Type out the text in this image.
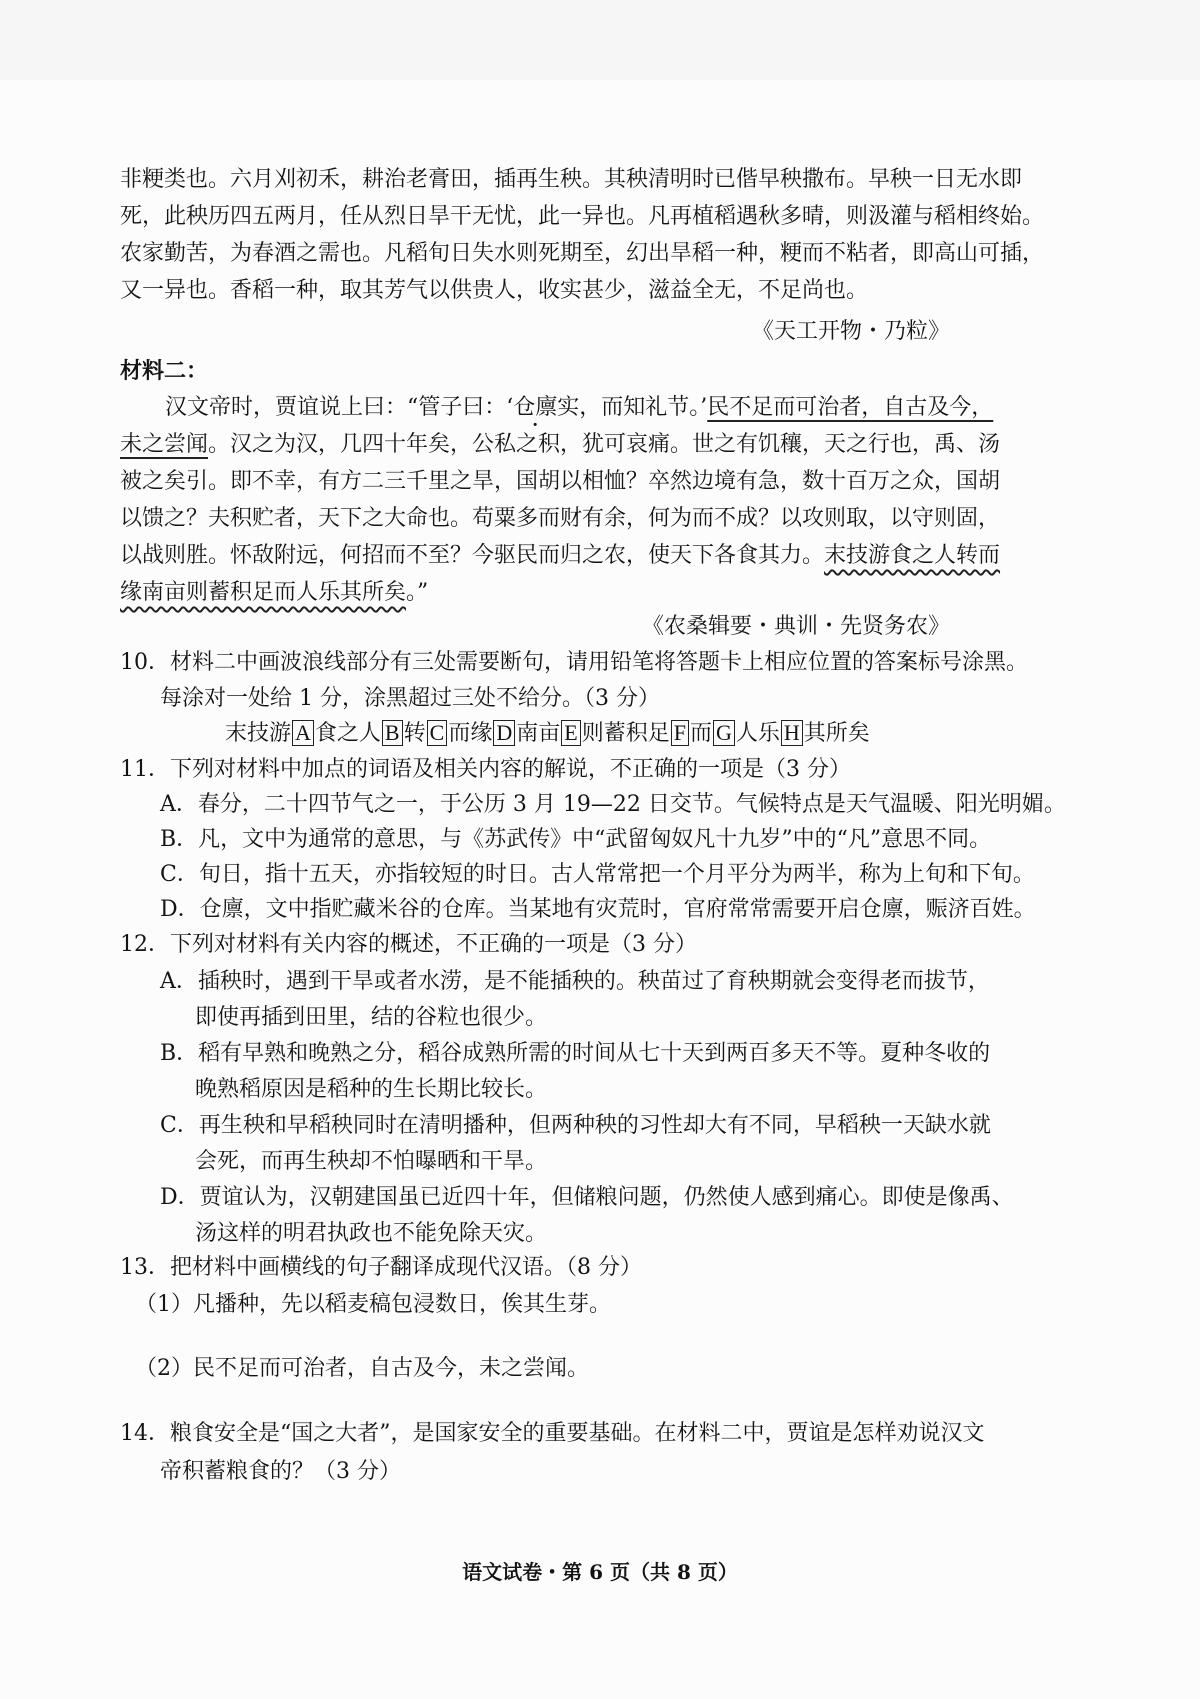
非粳类也。六月刈初禾，耕治老膏田，插再生秧。其秧清明时已偕早秧撒布。早秧一日无水即
死，此秧历四五两月，任从烈日旱干无忧，此一异也。凡再植稻遇秋多晴，则汲灌与稻相终始。
农家勤苦，为春酒之需也。凡稻旬日失水则死期至，幻出旱稻一种，粳而不粘者，即高山可插，
又一异也。香稻一种，取其芳气以供贵人，收实甚少，滋益全无，不足尚也。
《天工开物・乃粒》
材料二：
汉文帝时，贾谊说上曰：“管子曰：‘仓廪实，而知礼节。’民不足而可治者，自古及今，
未之尝闻。汉之为汉，几四十年矣，公私之积，犹可哀痛。世之有饥穰，天之行也，禹、汤
被之矣引。即不幸，有方二三千里之旱，国胡以相恤？卒然边境有急，数十百万之众，国胡
以馈之？夫积贮者，天下之大命也。苟粟多而财有余，何为而不成？以攻则取，以守则固，
以战则胜。怀敌附远，何招而不至？今驱民而归之农，使天下各食其力。末技游食之人转而
缘南亩则蓄积足而人乐其所矣。”
《农桑辑要・典训・先贤务农》
10．材料二中画波浪线部分有三处需要断句，请用铅笔将答题卡上相应位置的答案标号涂黑。
每涂对一处给 1 分，涂黑超过三处不给分。（3 分）
末技游 A 食之人 B 转 C 而缘 D 南亩 E 则蓄积足 F 而 G 人乐 H 其所矣
11．下列对材料中加点的词语及相关内容的解说，不正确的一项是（3 分）
A．春分，二十四节气之一，于公历 3 月 19—22 日交节。气候特点是天气温暖、阳光明媚。
B．凡，文中为通常的意思，与《苏武传》中“武留匈奴凡十九岁”中的“凡”意思不同。
C．旬日，指十五天，亦指较短的时日。古人常常把一个月平分为两半，称为上旬和下旬。
D．仓廪，文中指贮藏米谷的仓库。当某地有灾荒时，官府常常需要开启仓廪，赈济百姓。
12．下列对材料有关内容的概述，不正确的一项是（3 分）
A．插秧时，遇到干旱或者水涝，是不能插秧的。秧苗过了育秧期就会变得老而拔节，
即使再插到田里，结的谷粒也很少。
B．稻有早熟和晚熟之分，稻谷成熟所需的时间从七十天到两百多天不等。夏种冬收的
晚熟稻原因是稻种的生长期比较长。
C．再生秧和早稻秧同时在清明播种，但两种秧的习性却大有不同，早稻秧一天缺水就
会死，而再生秧却不怕曝晒和干旱。
D．贾谊认为，汉朝建国虽已近四十年，但储粮问题，仍然使人感到痛心。即使是像禹、
汤这样的明君执政也不能免除天灾。
13．把材料中画横线的句子翻译成现代汉语。（8 分）
（1）凡播种，先以稻麦稿包浸数日，俟其生芽。
（2）民不足而可治者，自古及今，未之尝闻。
14．粮食安全是“国之大者”，是国家安全的重要基础。在材料二中，贾谊是怎样劝说汉文
帝积蓄粮食的？（3 分）
语文试卷・第 6 页（共 8 页）
